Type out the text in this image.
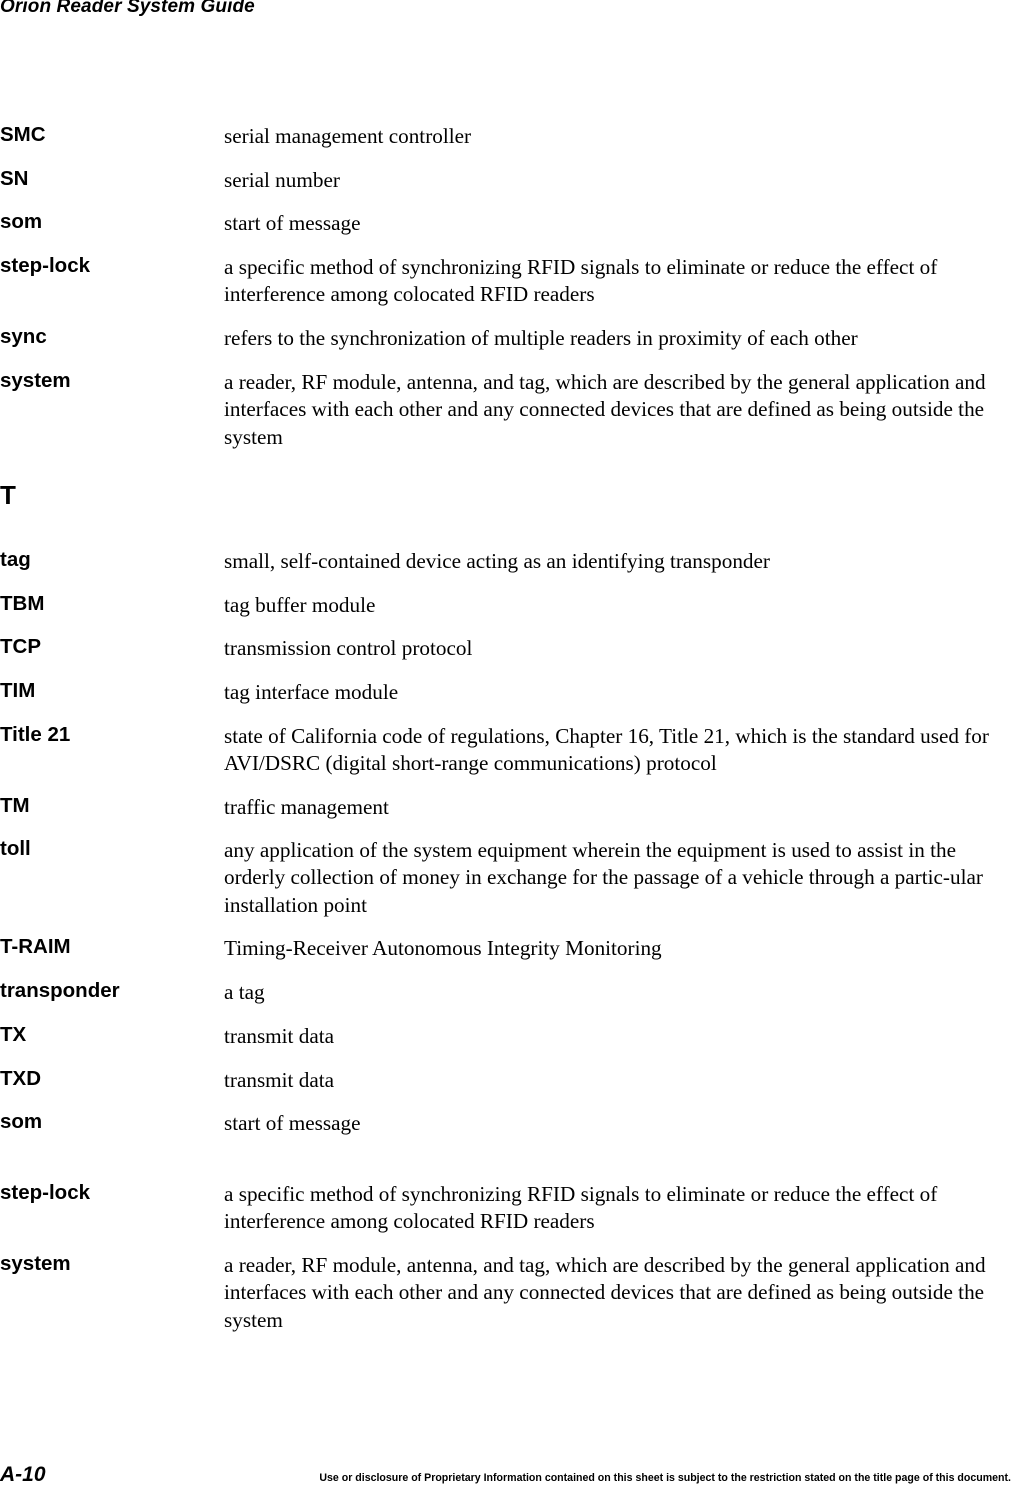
Orion Reader System Guide
SMC	serial management controller
SN	serial number
som	start of message
step-lock	a specific method of synchronizing RFID signals to eliminate or reduce the effect of interference among colocated RFID readers
sync	refers to the synchronization of multiple readers in proximity of each other
system	a reader, RF module, antenna, and tag, which are described by the general application and interfaces with each other and any connected devices that are defined as being outside the system
T
tag	small, self-contained device acting as an identifying transponder
TBM	tag buffer module
TCP	transmission control protocol
TIM	tag interface module
Title 21	state of California code of regulations, Chapter 16, Title 21, which is the standard used for AVI/DSRC (digital short-range communications) protocol
TM	traffic management
toll	any application of the system equipment wherein the equipment is used to assist in the orderly collection of money in exchange for the passage of a vehicle through a partic-ular installation point
T-RAIM	Timing-Receiver Autonomous Integrity Monitoring
transponder	a tag
TX	transmit data
TXD	transmit data
som	start of message
step-lock	a specific method of synchronizing RFID signals to eliminate or reduce the effect of interference among colocated RFID readers
system	a reader, RF module, antenna, and tag, which are described by the general application and interfaces with each other and any connected devices that are defined as being outside the system
A-10	Use or disclosure of Proprietary Information contained on this sheet is subject to the restriction stated on the title page of this document.
